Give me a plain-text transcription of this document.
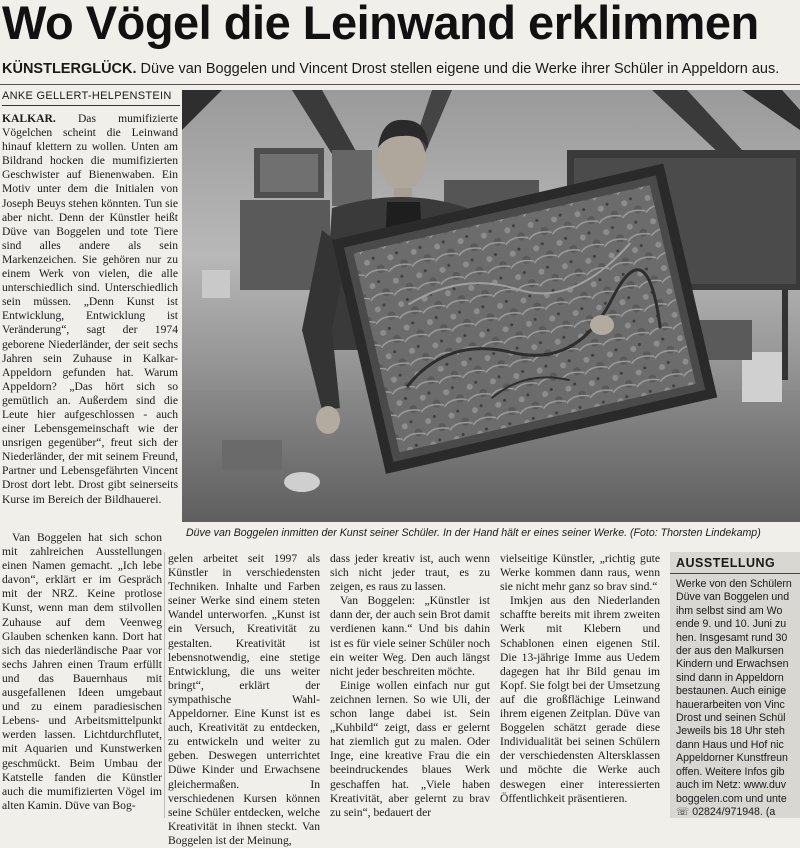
Wo Vögel die Leinwand erklimmen
KÜNSTLERGLÜCK. Düve van Boggelen und Vincent Drost stellen eigene und die Werke ihrer Schüler in Appeldorn aus.
ANKE GELLERT-HELPENSTEIN

KALKAR. Das mumifizierte Vögelchen scheint die Leinwand hinauf klettern zu wollen. Unten am Bildrand hocken die mumifizierten Geschwister auf Bienenwaben. Ein Motiv unter dem die Initialen von Joseph Beuys stehen könnten. Tun sie aber nicht. Denn der Künstler heißt Düve van Boggelen und tote Tiere sind alles andere als sein Markenzeichen. Sie gehören nur zu einem Werk von vielen, die alle unterschiedlich sind. Unterschiedlich sein müssen. „Denn Kunst ist Entwicklung, Entwicklung ist Veränderung“, sagt der 1974 geborene Niederländer, der seit sechs Jahren sein Zuhause in Kalkar-Appeldorn gefunden hat. Warum Appeldorn? „Das hört sich so gemütlich an. Außerdem sind die Leute hier aufgeschlossen - auch einer Lebensgemeinschaft wie der unsrigen gegenüber“, freut sich der Niederländer, der mit seinem Freund, Partner und Lebensgefährten Vincent Drost dort lebt. Drost gibt seinerseits Kurse im Bereich der Bildhauerei.

Düve van Boggelen inmitten der Kunst seiner Schüler. In der Hand hält er eines seiner Werke. (Foto: Thorsten Lindekamp)

Van Boggelen hat sich schon mit zahlreichen Ausstellungen einen Namen gemacht. „Ich lebe davon“, erklärt er im Gespräch mit der NRZ. Keine protlose Kunst, wenn man dem stilvollen Zuhause auf dem Veenweg Glauben schenken kann. Dort hat sich das niederländische Paar vor sechs Jahren einen Traum erfüllt und das Bauernhaus mit ausgefallenen Ideen umgebaut und zu einem paradiesischen Lebens- und Arbeitsmittelpunkt werden lassen. Lichtdurchflutet, mit Aquarien und Kunstwerken geschmückt. Beim Umbau der Katstelle fanden die Künstler auch die mumifizierten Vögel im alten Kamin. Düve van Bog-

gelen arbeitet seit 1997 als Künstler in verschiedensten Techniken. Inhalte und Farben seiner Werke sind einem steten Wandel unterworfen. „Kunst ist ein Versuch, Kreativität zu gestalten. Kreativität ist lebensnotwendig, eine stetige Entwicklung, die uns weiter bringt“, erklärt der sympathische Wahl-Appeldorner. Eine Kunst ist es auch, Kreativität zu entdecken, zu entwickeln und weiter zu geben. Deswegen unterrichtet Düwe Kinder und Erwachsene gleichermaßen. In verschiedenen Kursen können seine Schüler entdecken, welche Kreativität in ihnen steckt. Van Boggelen ist der Meinung,

dass jeder kreativ ist, auch wenn sich nicht jeder traut, es zu zeigen, es raus zu lassen.

Van Boggelen: „Künstler ist dann der, der auch sein Brot damit verdienen kann.“ Und bis dahin ist es für viele seiner Schüler noch ein weiter Weg. Den auch längst nicht jeder beschreiten möchte.

Einige wollen einfach nur gut zeichnen lernen. So wie Uli, der schon lange dabei ist. Sein „Kuhbild“ zeigt, dass er gelernt hat ziemlich gut zu malen. Oder Inge, eine kreative Frau die ein beeindruckendes blaues Werk geschaffen hat. „Viele haben Kreativität, aber gelernt zu brav zu sein“, bedauert der

vielseitige Künstler, „richtig gute Werke kommen dann raus, wenn sie nicht mehr ganz so brav sind.“

Imkjen aus den Niederlanden schaffte bereits mit ihrem zweiten Werk mit Klebern und Schablonen einen eigenen Stil. Die 13-jährige Imme aus Uedem dagegen hat ihr Bild genau im Kopf. Sie folgt bei der Umsetzung auf die großflächige Leinwand ihrem eigenen Zeitplan. Düve van Boggelen schätzt gerade diese Individualität bei seinen Schülern der verschiedensten Altersklassen und möchte die Werke auch deswegen einer interessierten Öffentlichkeit präsentieren.

AUSSTELLUNG
Werke von den Schülern
Düve van Boggelen und
ihm selbst sind am Wo
ende 9. und 10. Juni zu
hen. Insgesamt rund 30
der aus den Malkursen
Kindern und Erwachsen
sind dann in Appeldorn
bestaunen. Auch einige
hauerarbeiten von Vinc
Drost und seinen Schül
Jeweils bis 18 Uhr steh
dann Haus und Hof nic
Appeldorner Kunstfreun
offen. Weitere Infos gib
auch im Netz: www.duv
boggelen.com und unte
☏ 02824/971948. (a
